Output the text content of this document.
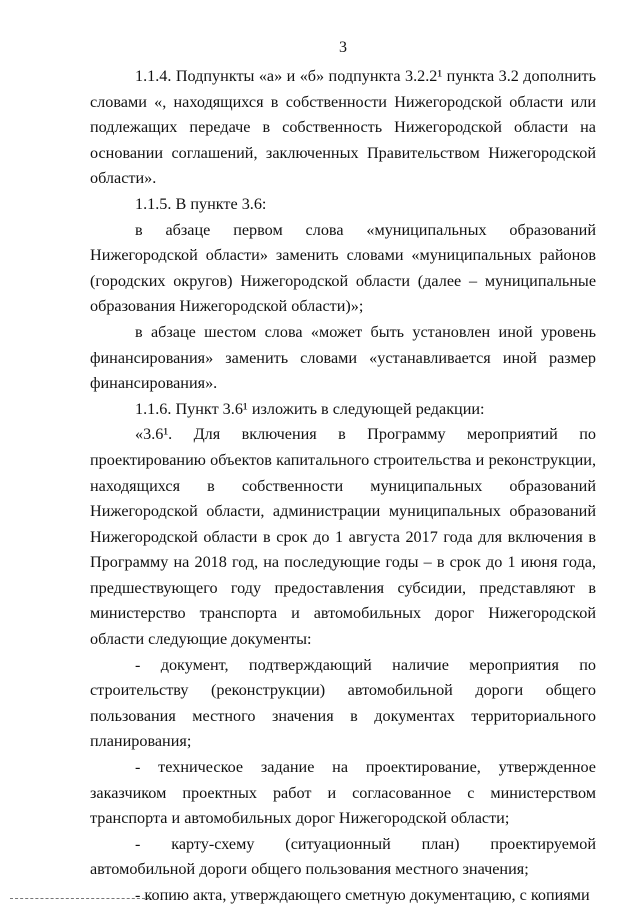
3

1.1.4. Подпункты «а» и «б» подпункта 3.2.2¹ пункта 3.2 дополнить словами «, находящихся в собственности Нижегородской области или подлежащих передаче в собственность Нижегородской области на основании соглашений, заключенных Правительством Нижегородской области».

1.1.5. В пункте 3.6:

в абзаце первом слова «муниципальных образований Нижегородской области» заменить словами «муниципальных районов (городских округов) Нижегородской области (далее – муниципальные образования Нижегородской области)»;

в абзаце шестом слова «может быть установлен иной уровень финансирования» заменить словами «устанавливается иной размер финансирования».

1.1.6. Пункт 3.6¹ изложить в следующей редакции:

«3.6¹. Для включения в Программу мероприятий по проектированию объектов капитального строительства и реконструкции, находящихся в собственности муниципальных образований Нижегородской области, администрации муниципальных образований Нижегородской области в срок до 1 августа 2017 года для включения в Программу на 2018 год, на последующие годы – в срок до 1 июня года, предшествующего году предоставления субсидии, представляют в министерство транспорта и автомобильных дорог Нижегородской области следующие документы:

- документ, подтверждающий наличие мероприятия по строительству (реконструкции) автомобильной дороги общего пользования местного значения в документах территориального планирования;

- техническое задание на проектирование, утвержденное заказчиком проектных работ и согласованное с министерством транспорта и автомобильных дорог Нижегородской области;

- карту-схему (ситуационный план) проектируемой автомобильной дороги общего пользования местного значения;

- копию акта, утверждающего сметную документацию, с копиями
